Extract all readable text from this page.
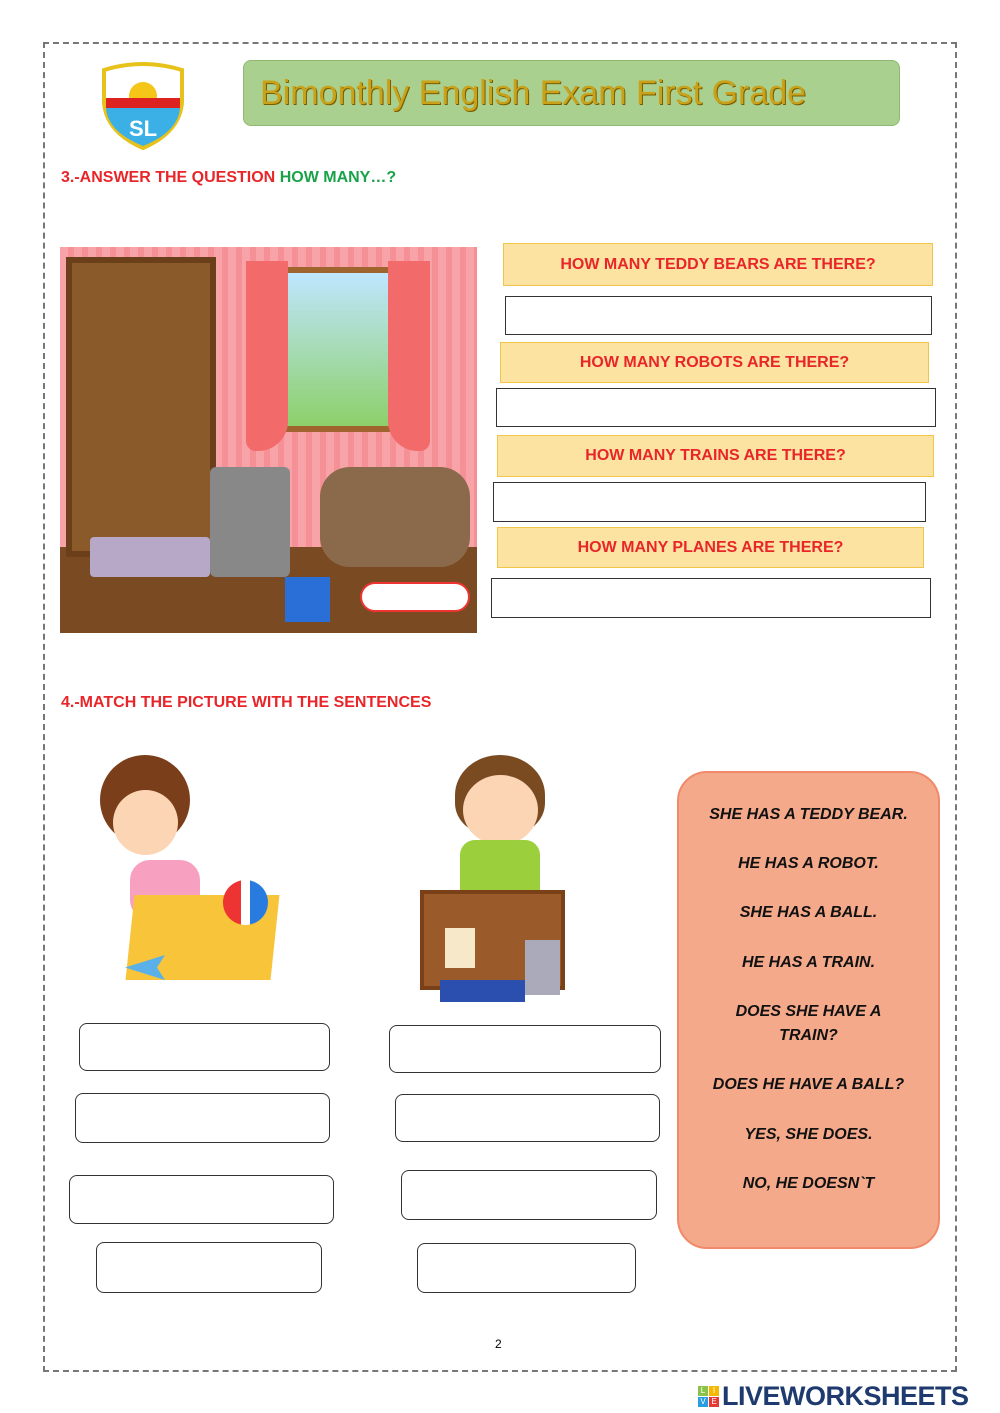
SL
Bimonthly English Exam First Grade
3.-ANSWER THE QUESTION HOW MANY…?
HOW MANY TEDDY BEARS ARE THERE?
HOW MANY ROBOTS ARE THERE?
HOW MANY TRAINS ARE THERE?
HOW MANY PLANES ARE THERE?
4.-MATCH THE PICTURE WITH THE SENTENCES
SHE HAS A TEDDY BEAR.
HE HAS A ROBOT.
SHE HAS A BALL.
HE HAS A TRAIN.
DOES SHE HAVE A TRAIN?
DOES HE HAVE A BALL?
YES, SHE DOES.
NO, HE DOESN`T
2
L I
V E LIVEWORKSHEETS
